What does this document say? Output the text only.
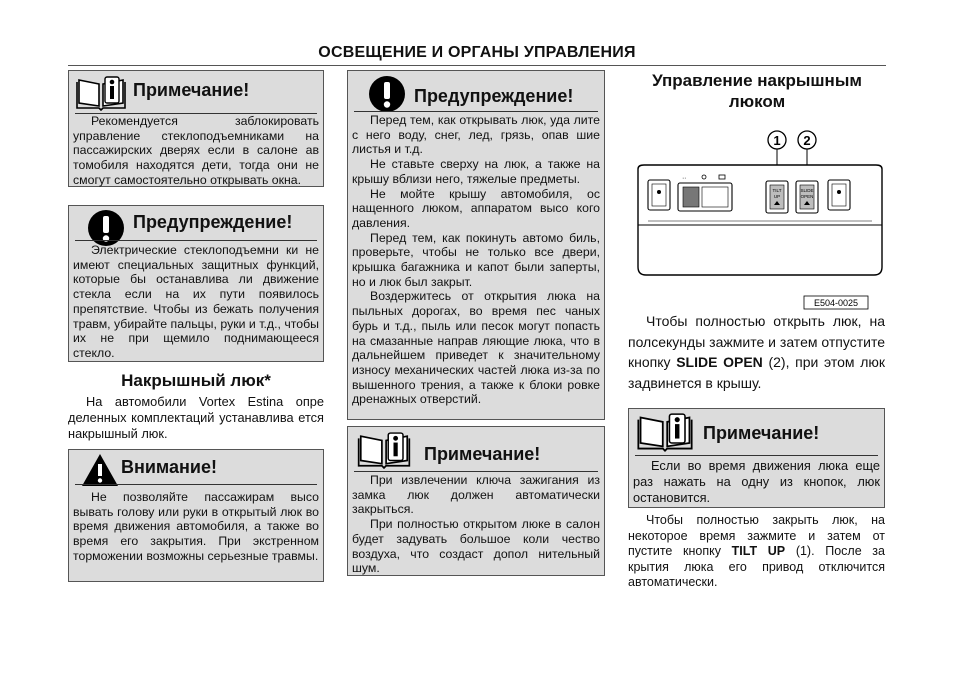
ОСВЕЩЕНИЕ И ОРГАНЫ УПРАВЛЕНИЯ
Примечание!

Рекомендуется заблокировать управление стеклоподъемниками на пассажирских дверях если в салоне ав томобиля находятся дети, тогда они не смогут самостоятельно открывать окна.

Предупреждение!

Электрические стеклоподъемни ки не имеют специальных защитных функций, которые бы останавлива ли движение стекла если на их пути появилось препятствие. Чтобы из бежать получения травм, убирайте пальцы, руки и т.д., чтобы их не при щемило поднимающееся стекло.

Накрышный люк*

На автомобили Vortex Estina опре деленных комплектаций устанавлива ется накрышный люк.

Внимание!

Не позволяйте пассажирам высо вывать голову или руки в открытый люк во время движения автомобиля, а также во время его закрытия. При экстренном торможении возможны серьезные травмы.

Предупреждение!

Перед тем, как открывать люк, уда лите с него воду, снег, лед, грязь, опав шие листья и т.д.

Не ставьте сверху на люк, а также на крышу вблизи него, тяжелые предметы.

Не мойте крышу автомобиля, ос нащенного люком, аппаратом высо кого давления.

Перед тем, как покинуть автомо биль, проверьте, чтобы не только все двери, крышка багажника и капот были заперты, но и люк был закрыт.

Воздержитесь от открытия люка на пыльных дорогах, во время пес чаных бурь и т.д., пыль или песок могут попасть на смазанные направ ляющие люка, что в дальнейшем приведет к значительному износу механических частей люка из-за по вышенного трения, а также к блоки ровке дренажных отверстий.

Примечание!

При извлечении ключа зажигания из замка люк должен автоматически закрыться.

При полностью открытом люке в салон будет задувать большое коли чество воздуха, что создаст допол нительный шум.

Управление накрышным люком
1 2
·∙
TILT
UP
SLIDE
OPEN
E504-0025

Чтобы полностью открыть люк, на полсекунды зажмите и затем отпустите кнопку SLIDE OPEN (2), при этом люк задвинется в крышу.

Примечание!

Если во время движения люка еще раз нажать на одну из кнопок, люк остановится.

Чтобы полностью закрыть люк, на некоторое время зажмите и затем от пустите кнопку TILT UP (1). После за крытия люка его привод отключится автоматически.
